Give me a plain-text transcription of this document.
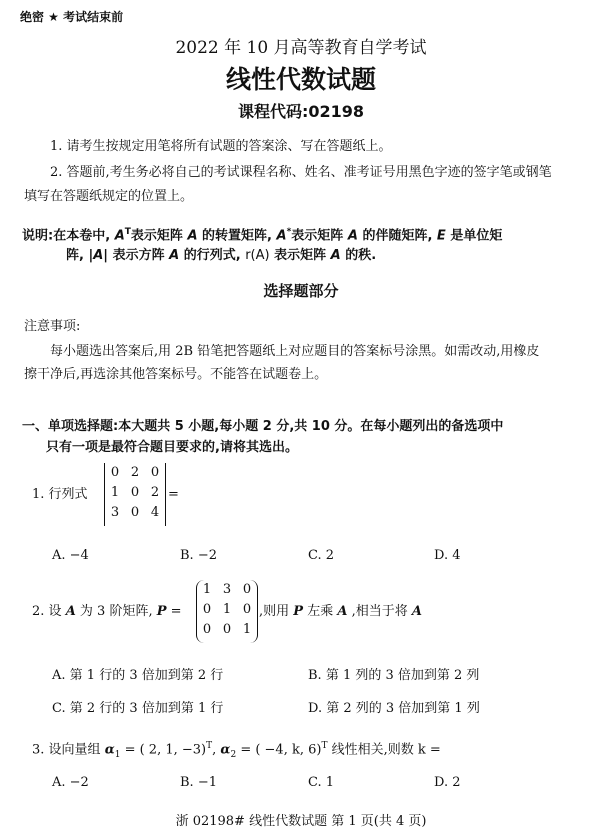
绝密 ★ 考试结束前
2022 年 10 月高等教育自学考试
线性代数试题
课程代码:02198
1. 请考生按规定用笔将所有试题的答案涂、写在答题纸上。
2. 答题前,考生务必将自己的考试课程名称、姓名、准考证号用黑色字迹的签字笔或钢笔
填写在答题纸规定的位置上。
说明:在本卷中, $A^T$表示矩阵 A 的转置矩阵, A*表示矩阵 A 的伴随矩阵, E 是单位矩
阵, |A| 表示方阵 A 的行列式, r(A) 表示矩阵 A 的秩.
选择题部分
注意事项:
每小题选出答案后,用 2B 铅笔把答题纸上对应题目的答案标号涂黑。如需改动,用橡皮
擦干净后,再选涂其他答案标号。不能答在试题卷上。
一、单项选择题:本大题共 5 小题,每小题 2 分,共 10 分。在每小题列出的备选项中
只有一项是最符合题目要求的,请将其选出。
1. 行列式
0 2 0
1 0 2
3 0 4
=
A. −4	B. −2	C. 2	D. 4
2. 设 A 为 3 阶矩阵, P =
1 3 0
0 1 0
0 0 1
,则用 P 左乘 A ,相当于将 A
A. 第 1 行的 3 倍加到第 2 行	B. 第 1 列的 3 倍加到第 2 列
C. 第 2 行的 3 倍加到第 1 行	D. 第 2 列的 3 倍加到第 1 列
3. 设向量组 $\alpha_1$ = ( 2, 1, −3)$^T$, $\alpha_2$ = ( −4, k, 6)$^T$ 线性相关,则数 k =
A. −2	B. −1	C. 1	D. 2
浙 02198# 线性代数试题 第 1 页(共 4 页)
